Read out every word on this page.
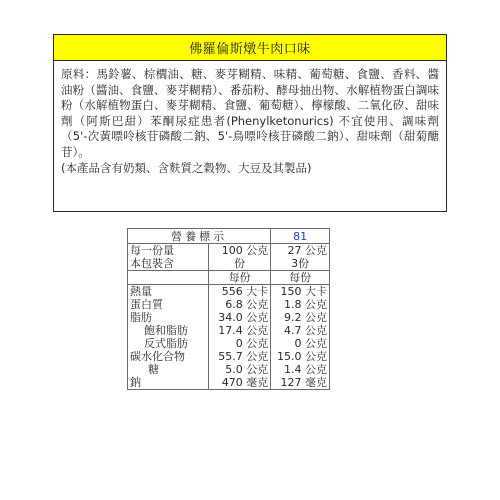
佛羅倫斯燉牛肉口味

原料：馬鈴薯、棕櫚油、糖、麥芽糊精、味精、葡萄糖、食鹽、香料、醬油粉（醬油、食鹽、麥芽糊精）、番茄粉、酵母抽出物、水解植物蛋白調味粉（水解植物蛋白、麥芽糊精、食鹽、葡萄糖）、檸檬酸、二氧化矽、甜味劑（阿斯巴甜）苯酮尿症患者(Phenylketonurics) 不宜使用、調味劑（5'-次黃嘌呤核苷磷酸二鈉、5'-鳥嘌呤核苷磷酸二鈉）、甜味劑（甜菊醣苷）。

(本產品含有奶類、含麩質之穀物、大豆及其製品)

營養標示		81
每一份量	100 公克	27 公克
本包裝含	份	3份
	每份	每份
熱量	556 大卡	150 大卡
蛋白質	6.8 公克	1.8 公克
脂肪	34.0 公克	9.2 公克
飽和脂肪	17.4 公克	4.7 公克
反式脂肪	0 公克	0 公克
碳水化合物	55.7 公克	15.0 公克
糖	5.0 公克	1.4 公克
鈉	470 毫克	127 毫克
